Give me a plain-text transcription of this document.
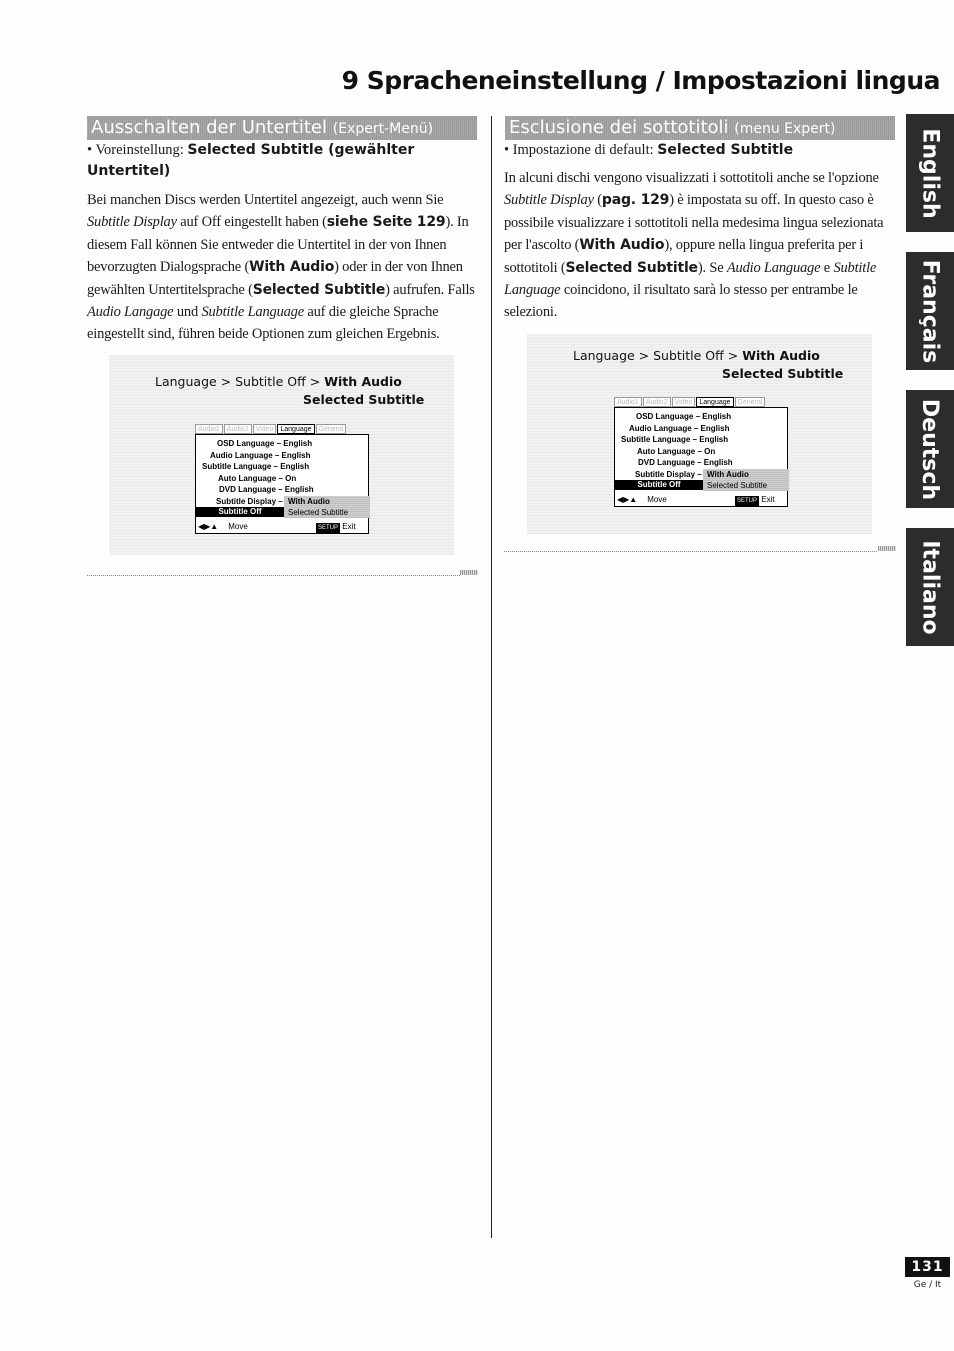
9 Spracheneinstellung / Impostazioni lingua
Ausschalten der Untertitel (Expert-Menü)

• Voreinstellung: Selected Subtitle (gewählter Untertitel)

Bei manchen Discs werden Untertitel angezeigt, auch wenn Sie Subtitle Display auf Off eingestellt haben (siehe Seite 129). In diesem Fall können Sie entweder die Untertitel in der von Ihnen bevorzugten Dialogsprache (With Audio) oder in der von Ihnen gewählten Untertitelsprache (Selected Subtitle) aufrufen. Falls Audio Langage und Subtitle Language auf die gleiche Sprache eingestellt sind, führen beide Optionen zum gleichen Ergebnis.

Language > Subtitle Off > With Audio
Selected Subtitle
Audio1	Audio2	Video	Language	General
OSD Language – English
Audio Language – English
Subtitle Language – English
Auto Language – On
DVD Language – English
Subtitle Display – With Audio
Selected Subtitle
Subtitle Off
◀▶▲ Move	SETUP Exit
Esclusione dei sottotitoli (menu Expert)

• Impostazione di default: Selected Subtitle

In alcuni dischi vengono visualizzati i sottotitoli anche se l'opzione Subtitle Display (pag. 129) è impostata su off. In questo caso è possibile visualizzare i sottotitoli nella medesima lingua selezionata per l'ascolto (With Audio), oppure nella lingua preferita per i sottotitoli (Selected Subtitle). Se Audio Language e Subtitle Language coincidono, il risultato sarà lo stesso per entrambe le selezioni.

Language > Subtitle Off > With Audio
Selected Subtitle
Audio1	Audio2	Video	Language	General
OSD Language – English
Audio Language – English
Subtitle Language – English
Auto Language – On
DVD Language – English
Subtitle Display – With Audio
Selected Subtitle
Subtitle Off
◀▶▲ Move	SETUP Exit
English
Français
Deutsch
Italiano
131
Ge / It
